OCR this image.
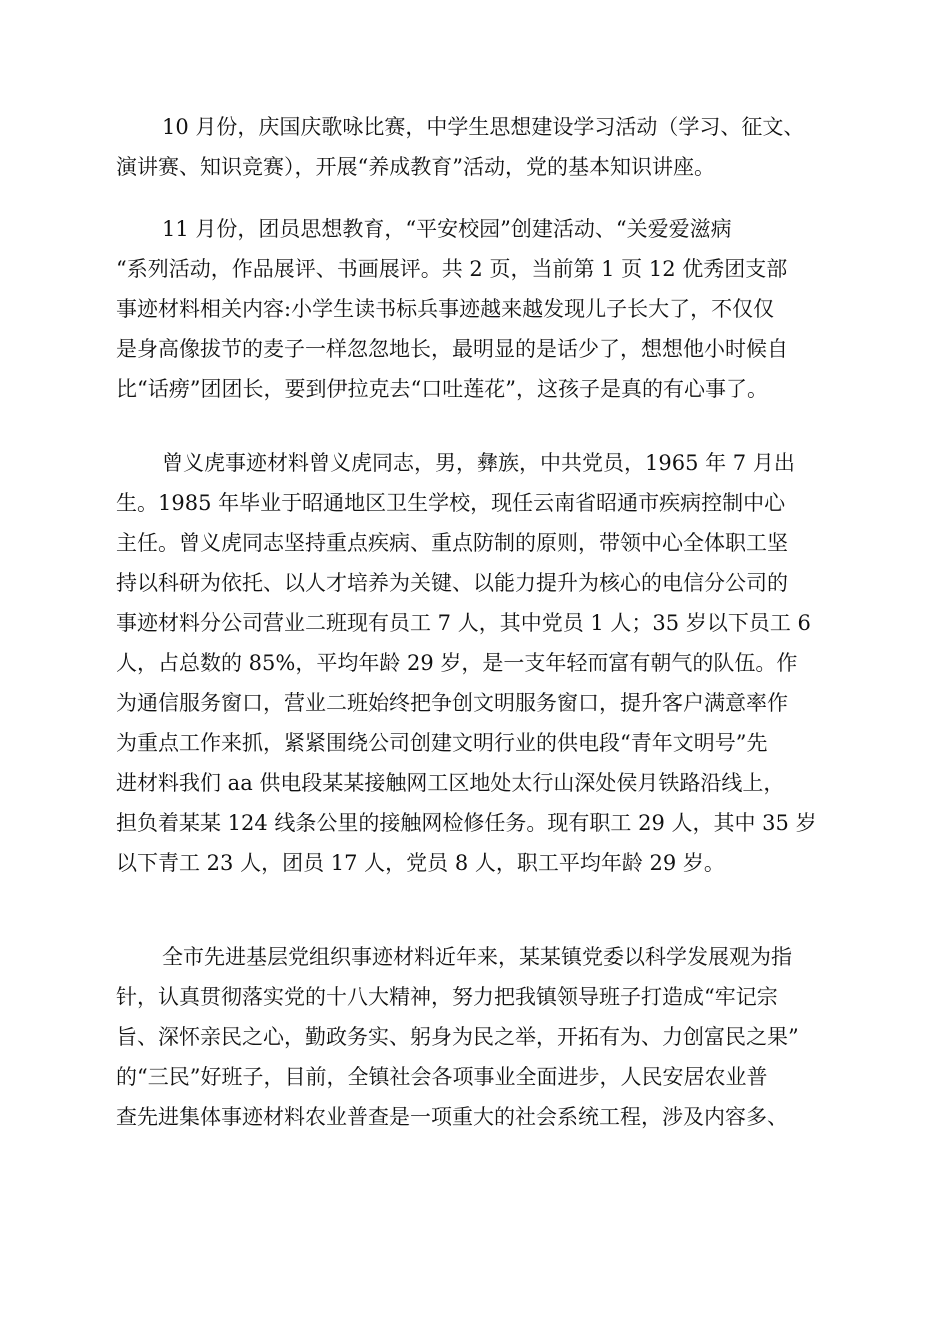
10 月份，庆国庆歌咏比赛，中学生思想建设学习活动（学习、征文、
演讲赛、知识竞赛），开展“养成教育”活动，党的基本知识讲座。
11 月份，团员思想教育，“平安校园”创建活动、“关爱爱滋病
“系列活动，作品展评、书画展评。共 2 页，当前第 1 页 12 优秀团支部
事迹材料相关内容:小学生读书标兵事迹越来越发现儿子长大了，不仅仅
是身高像拔节的麦子一样忽忽地长，最明显的是话少了，想想他小时候自
比“话痨”团团长，要到伊拉克去“口吐莲花”，这孩子是真的有心事了。
曾义虎事迹材料曾义虎同志，男，彝族，中共党员，1965 年 7 月出
生。1985 年毕业于昭通地区卫生学校，现任云南省昭通市疾病控制中心
主任。曾义虎同志坚持重点疾病、重点防制的原则，带领中心全体职工坚
持以科研为依托、以人才培养为关键、以能力提升为核心的电信分公司的
事迹材料分公司营业二班现有员工 7 人，其中党员 1 人；35 岁以下员工 6
人，占总数的 85%，平均年龄 29 岁，是一支年轻而富有朝气的队伍。作
为通信服务窗口，营业二班始终把争创文明服务窗口，提升客户满意率作
为重点工作来抓，紧紧围绕公司创建文明行业的供电段“青年文明号”先
进材料我们 aa 供电段某某接触网工区地处太行山深处侯月铁路沿线上，
担负着某某 124 线条公里的接触网检修任务。现有职工 29 人，其中 35 岁
以下青工 23 人，团员 17 人，党员 8 人，职工平均年龄 29 岁。
全市先进基层党组织事迹材料近年来，某某镇党委以科学发展观为指
针，认真贯彻落实党的十八大精神，努力把我镇领导班子打造成“牢记宗
旨、深怀亲民之心，勤政务实、躬身为民之举，开拓有为、力创富民之果”
的“三民”好班子，目前，全镇社会各项事业全面进步，人民安居农业普
查先进集体事迹材料农业普查是一项重大的社会系统工程，涉及内容多、
